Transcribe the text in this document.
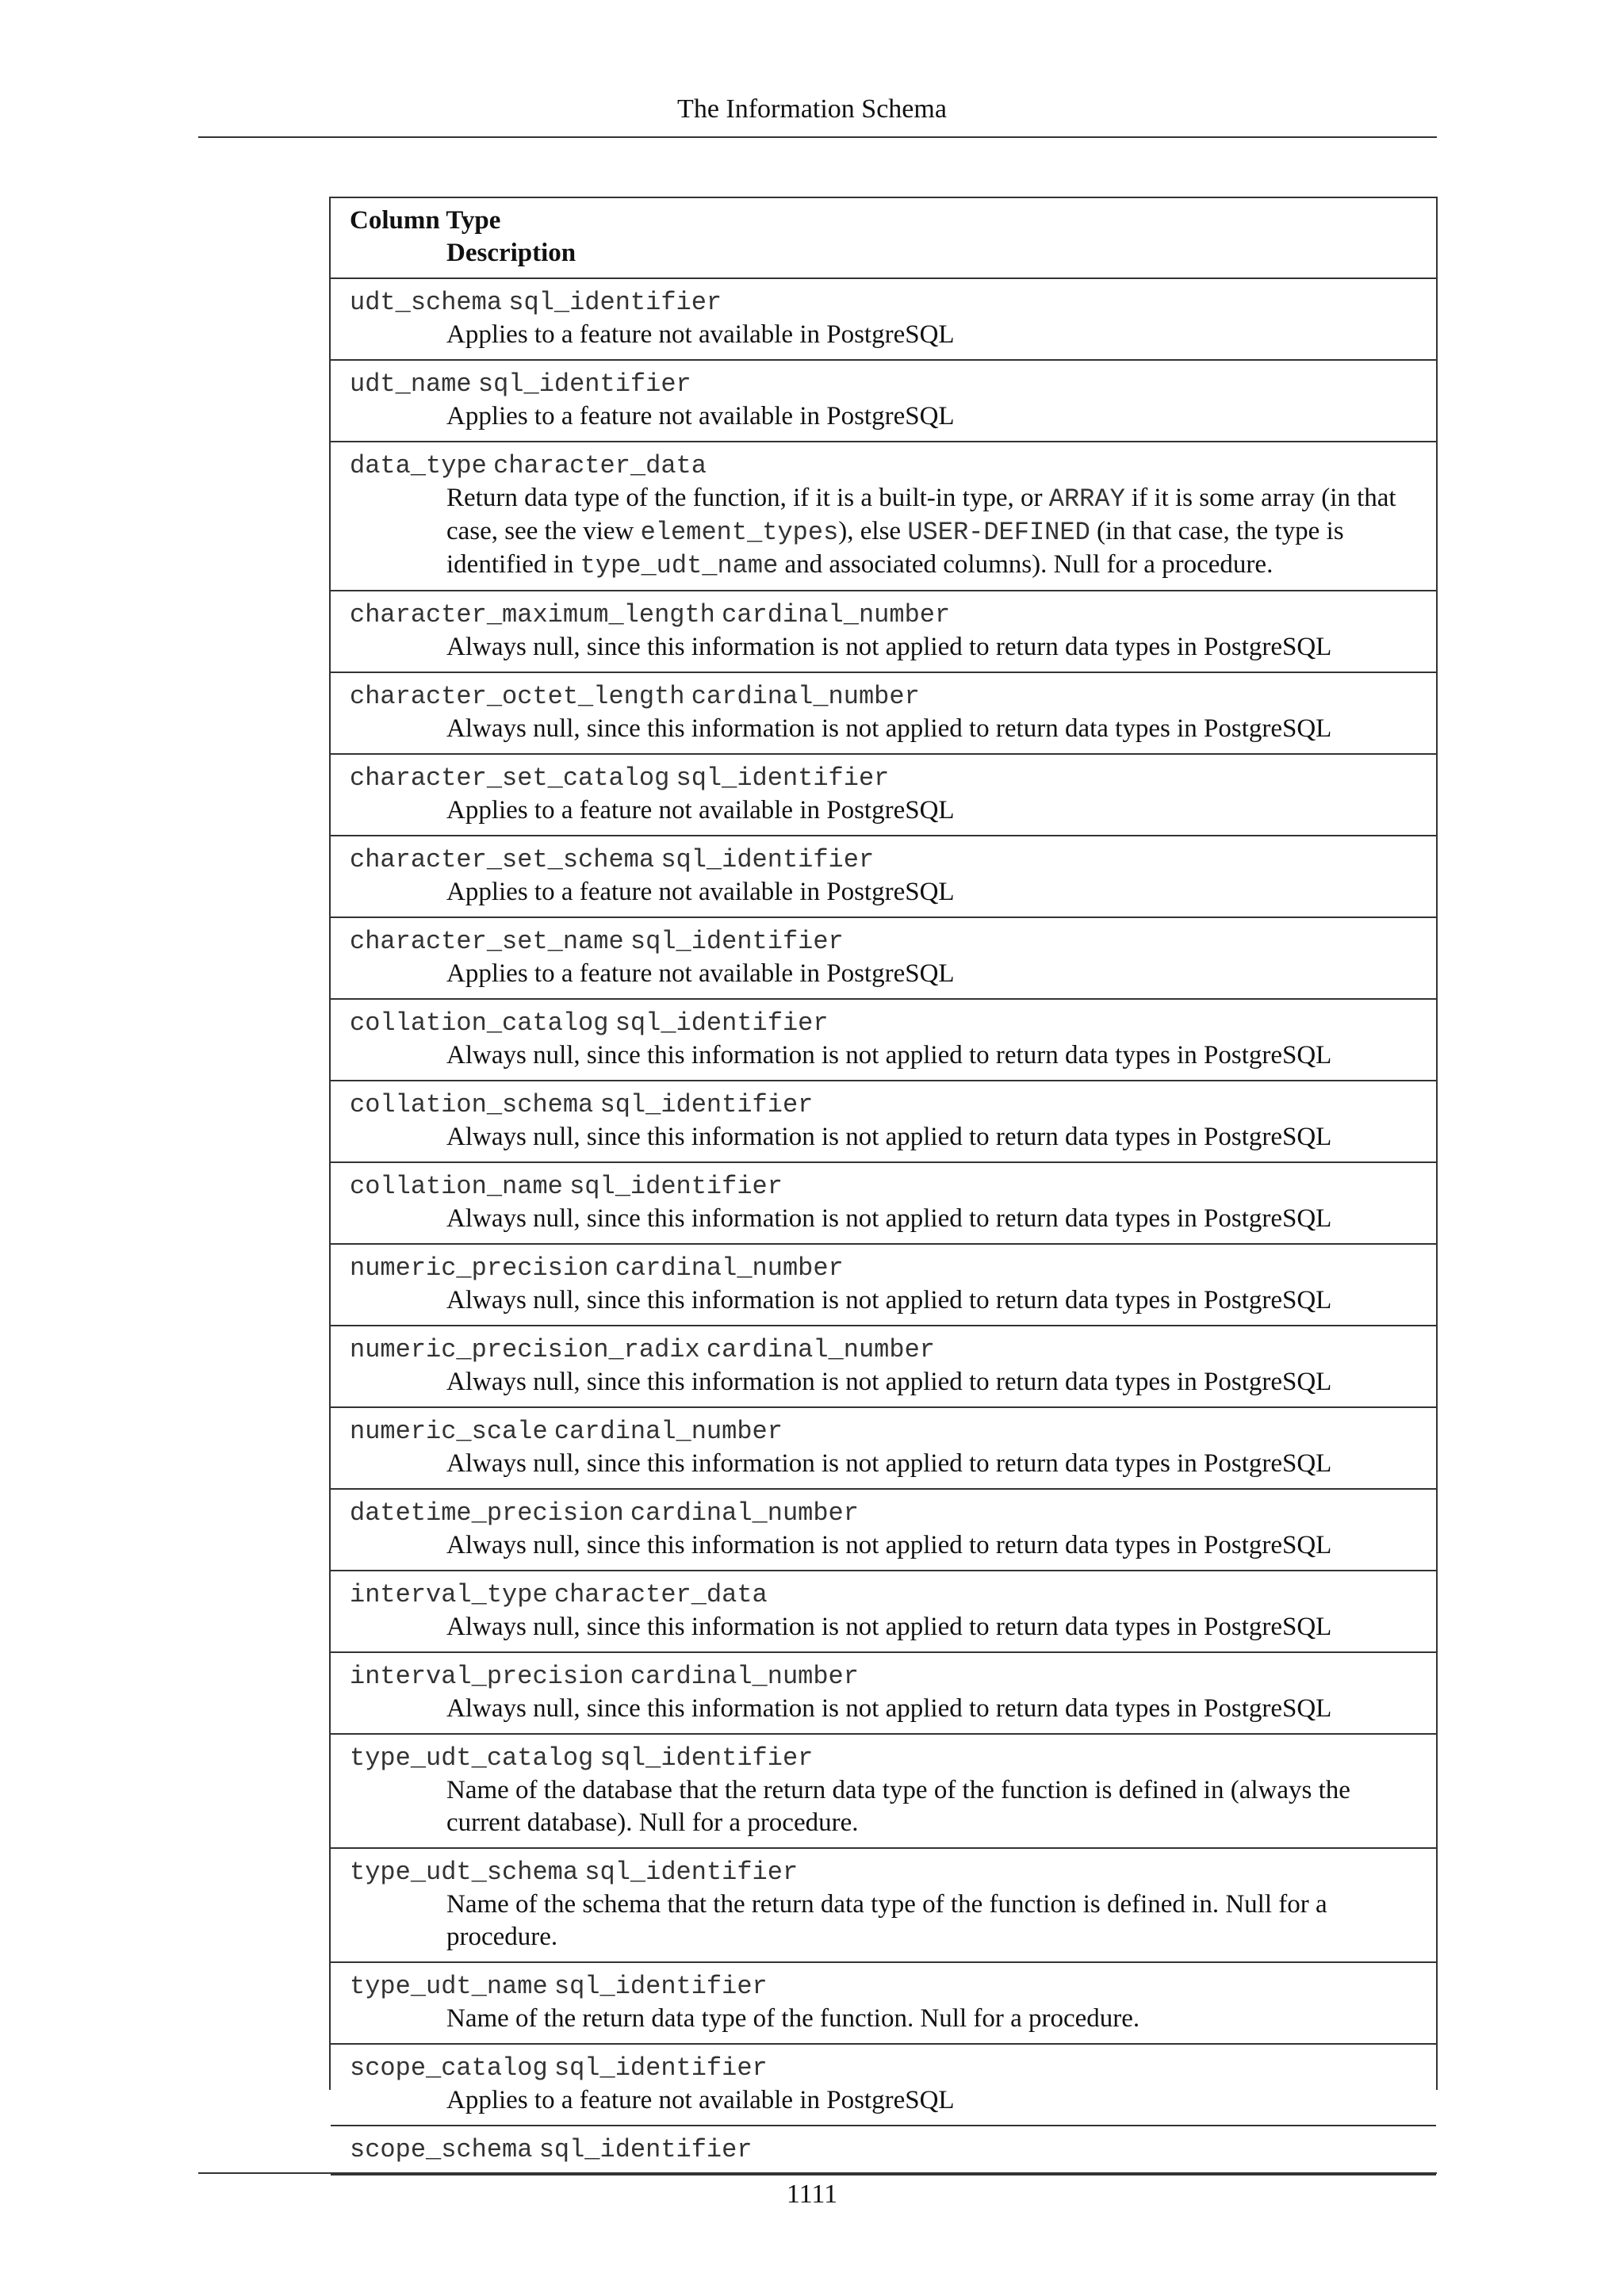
The Information Schema
Column Type
Description
udt_schema sql_identifier
Applies to a feature not available in PostgreSQL
udt_name sql_identifier
Applies to a feature not available in PostgreSQL
data_type character_data
Return data type of the function, if it is a built-in type, or ARRAY if it is some array (in that case, see the view element_types), else USER-DEFINED (in that case, the type is identified in type_udt_name and associated columns). Null for a procedure.
character_maximum_length cardinal_number
Always null, since this information is not applied to return data types in PostgreSQL
character_octet_length cardinal_number
Always null, since this information is not applied to return data types in PostgreSQL
character_set_catalog sql_identifier
Applies to a feature not available in PostgreSQL
character_set_schema sql_identifier
Applies to a feature not available in PostgreSQL
character_set_name sql_identifier
Applies to a feature not available in PostgreSQL
collation_catalog sql_identifier
Always null, since this information is not applied to return data types in PostgreSQL
collation_schema sql_identifier
Always null, since this information is not applied to return data types in PostgreSQL
collation_name sql_identifier
Always null, since this information is not applied to return data types in PostgreSQL
numeric_precision cardinal_number
Always null, since this information is not applied to return data types in PostgreSQL
numeric_precision_radix cardinal_number
Always null, since this information is not applied to return data types in PostgreSQL
numeric_scale cardinal_number
Always null, since this information is not applied to return data types in PostgreSQL
datetime_precision cardinal_number
Always null, since this information is not applied to return data types in PostgreSQL
interval_type character_data
Always null, since this information is not applied to return data types in PostgreSQL
interval_precision cardinal_number
Always null, since this information is not applied to return data types in PostgreSQL
type_udt_catalog sql_identifier
Name of the database that the return data type of the function is defined in (always the current database). Null for a procedure.
type_udt_schema sql_identifier
Name of the schema that the return data type of the function is defined in. Null for a procedure.
type_udt_name sql_identifier
Name of the return data type of the function. Null for a procedure.
scope_catalog sql_identifier
Applies to a feature not available in PostgreSQL
scope_schema sql_identifier
1111
